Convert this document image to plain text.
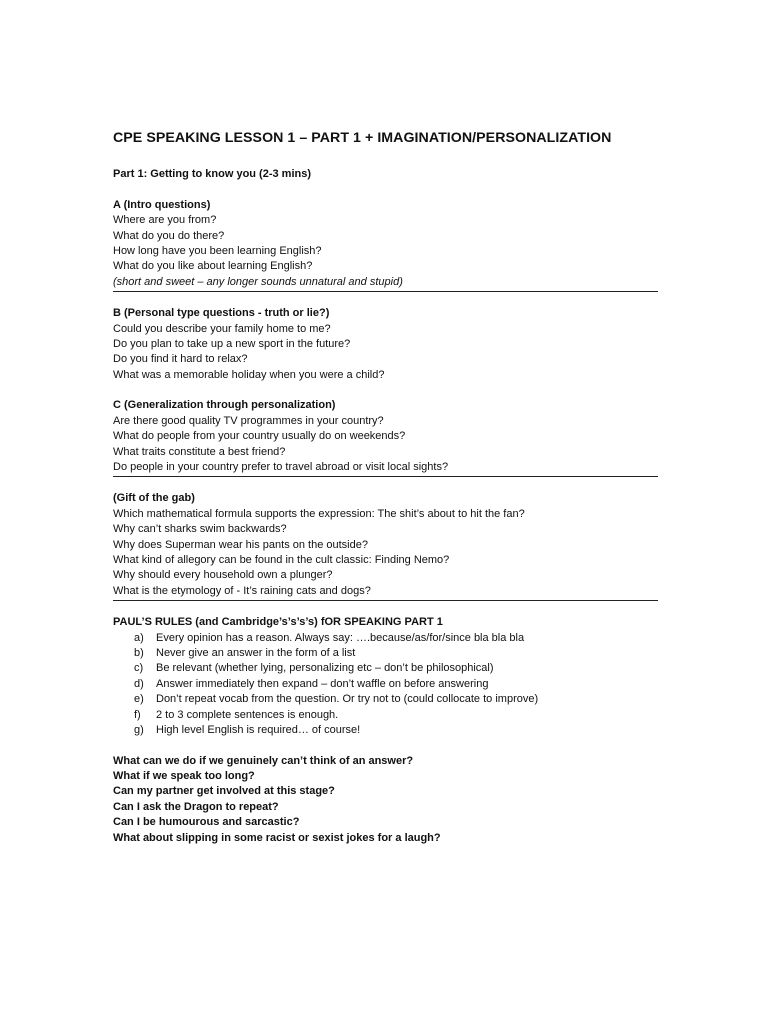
CPE SPEAKING LESSON 1 – PART 1 + IMAGINATION/PERSONALIZATION
Part 1: Getting to know you (2-3 mins)
A (Intro questions)
Where are you from?
What do you do there?
How long have you been learning English?
What do you like about learning English?
(short and sweet – any longer sounds unnatural and stupid)
B (Personal type questions - truth or lie?)
Could you describe your family home to me?
Do you plan to take up a new sport in the future?
Do you find it hard to relax?
What was a memorable holiday when you were a child?
C (Generalization through personalization)
Are there good quality TV programmes in your country?
What do people from your country usually do on weekends?
What traits constitute a best friend?
Do people in your country prefer to travel abroad or visit local sights?
(Gift of the gab)
Which mathematical formula supports the expression: The shit’s about to hit the fan?
Why can’t sharks swim backwards?
Why does Superman wear his pants on the outside?
What kind of allegory can be found in the cult classic: Finding Nemo?
Why should every household own a plunger?
What is the etymology of - It’s raining cats and dogs?
PAUL’S RULES (and Cambridge’s’s’s’s) fOR SPEAKING PART 1
a)	Every opinion has a reason. Always say: ….because/as/for/since bla bla bla
b)	Never give an answer in the form of a list
c)	Be relevant (whether lying, personalizing etc – don’t be philosophical)
d)	Answer immediately then expand – don’t waffle on before answering
e)	Don’t repeat vocab from the question. Or try not to (could collocate to improve)
f)	2 to 3 complete sentences is enough.
g)	High level English is required… of course!
What can we do if we genuinely can’t think of an answer?
What if we speak too long?
Can my partner get involved at this stage?
Can I ask the Dragon to repeat?
Can I be humourous and sarcastic?
What about slipping in some racist or sexist jokes for a laugh?
